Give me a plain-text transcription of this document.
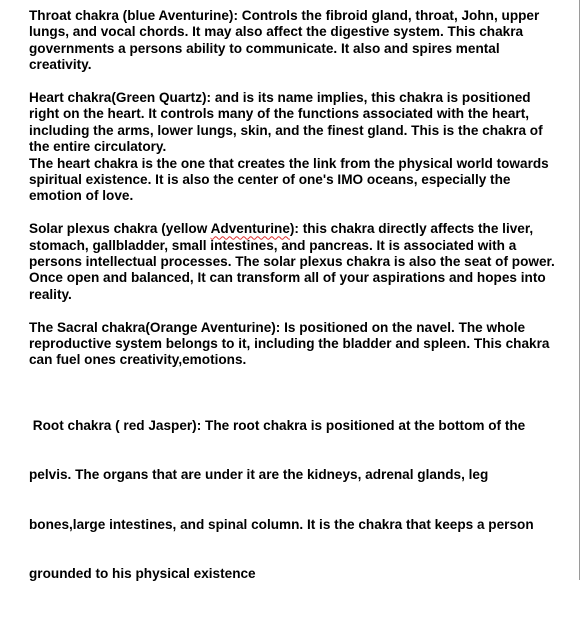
Throat chakra (blue Aventurine): Controls the fibroid gland, throat, John, upper
lungs, and vocal chords. It may also affect the digestive system. This chakra
governments a persons ability to communicate. It also and spires mental
creativity.

Heart chakra(Green Quartz): and is its name implies, this chakra is positioned
right on the heart. It controls many of the functions associated with the heart,
including the arms, lower lungs, skin, and the finest gland. This is the chakra of
the entire circulatory.
The heart chakra is the one that creates the link from the physical world towards
spiritual existence. It is also the center of one's IMO oceans, especially the
emotion of love.

Solar plexus chakra (yellow Adventurine): this chakra directly affects the liver,
stomach, gallbladder, small intestines, and pancreas. It is associated with a
persons intellectual processes. The solar plexus chakra is also the seat of power.
Once open and balanced, It can transform all of your aspirations and hopes into
reality.

The Sacral chakra(Orange Aventurine): Is positioned on the navel. The whole
reproductive system belongs to it, including the bladder and spleen. This chakra
can fuel ones creativity,emotions.

Root chakra ( red Jasper): The root chakra is positioned at the bottom of the

pelvis. The organs that are under it are the kidneys, adrenal glands, leg

bones,large intestines, and spinal column. It is the chakra that keeps a person

grounded to his physical existence
